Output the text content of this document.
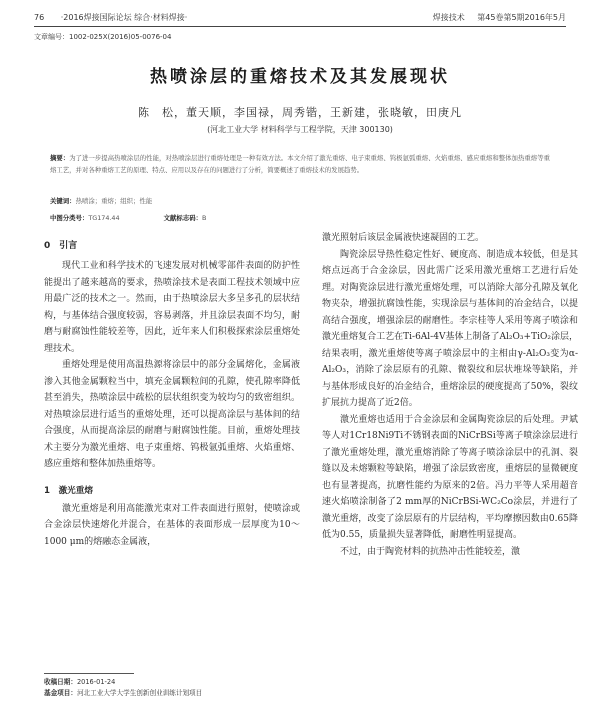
76 ·2016焊接国际论坛 综合·材料焊接·	焊接技术 第45卷第5期2016年5月
文章编号：1002-025X(2016)05-0076-04
热喷涂层的重熔技术及其发展现状
陈　松，董天顺，李国禄，周秀锴，王新建，张晓敏，田庚凡
(河北工业大学 材料科学与工程学院，天津 300130)
摘要：为了进一步提高热喷涂层的性能，对热喷涂层进行重熔处理是一种有效方法。本文介绍了激光重熔、电子束重熔、钨极氩弧重熔、火焰重熔、感应重熔和整体加热重熔等重熔工艺，并对各种重熔工艺的原理、特点、应用以及存在的问题进行了分析，简要概述了重熔技术的发展趋势。
关键词：热喷涂；重熔；组织；性能
中图分类号：TG174.44	文献标志码：B
0　引言

现代工业和科学技术的飞速发展对机械零部件表面的防护性能提出了越来越高的要求，热喷涂技术是表面工程技术领域中应用最广泛的技术之一。然而，由于热喷涂层大多呈多孔的层状结构，与基体结合强度较弱，容易剥落，并且涂层表面不均匀，耐磨与耐腐蚀性能较差等，因此，近年来人们积极探索涂层重熔处理技术。

重熔处理是使用高温热源将涂层中的部分金属熔化，金属液渗入其他金属颗粒当中，填充金属颗粒间的孔隙，使孔隙率降低甚至消失，热喷涂层中疏松的层状组织变为较均匀的致密组织。对热喷涂层进行适当的重熔处理，还可以提高涂层与基体间的结合强度，从而提高涂层的耐磨与耐腐蚀性能。目前，重熔处理技术主要分为激光重熔、电子束重熔、钨极氩弧重熔、火焰重熔、感应重熔和整体加热重熔等。

1　激光重熔

激光重熔是利用高能激光束对工件表面进行照射，使喷涂或合金涂层快速熔化并混合，在基体的表面形成一层厚度为10～1000 μm的熔融态金属液，

激光照射后该层金属液快速凝固的工艺。

陶瓷涂层导热性稳定性好、硬度高、制造成本较低，但是其熔点远高于合金涂层，因此需广泛采用激光重熔工艺进行后处理。对陶瓷涂层进行激光重熔处理，可以消除大部分孔隙及氧化物夹杂，增强抗腐蚀性能，实现涂层与基体间的冶金结合，以提高结合强度，增强涂层的耐磨性。李宗桂等人采用等离子喷涂和激光重熔复合工艺在Ti-6Al-4V基体上制备了Al₂O₃+TiO₂涂层，结果表明，激光重熔使等离子喷涂层中的主相由γ-Al₂O₃变为α-Al₂O₃，消除了涂层原有的孔隙、微裂纹和层状堆垛等缺陷，并与基体形成良好的冶金结合，重熔涂层的硬度提高了50%，裂纹扩展抗力提高了近2倍。

激光重熔也适用于合金涂层和金属陶瓷涂层的后处理。尹斌等人对1Cr18Ni9Ti不锈钢表面的NiCrBSi等离子喷涂涂层进行了激光重熔处理，激光重熔消除了等离子喷涂涂层中的孔洞、裂缝以及未熔颗粒等缺陷，增强了涂层致密度，重熔层的显微硬度也有显著提高，抗磨性能约为原来的2倍。冯力平等人采用超音速火焰喷涂制备了2 mm厚的NiCrBSi-WC₂Co涂层，并进行了激光重熔，改变了涂层原有的片层结构，平均摩擦因数由0.65降低为0.55，质量损失显著降低，耐磨性明显提高。

不过，由于陶瓷材料的抗热冲击性能较差，激

收稿日期：2016-01-24
基金项目：河北工业大学大学生创新创业训练计划项目
